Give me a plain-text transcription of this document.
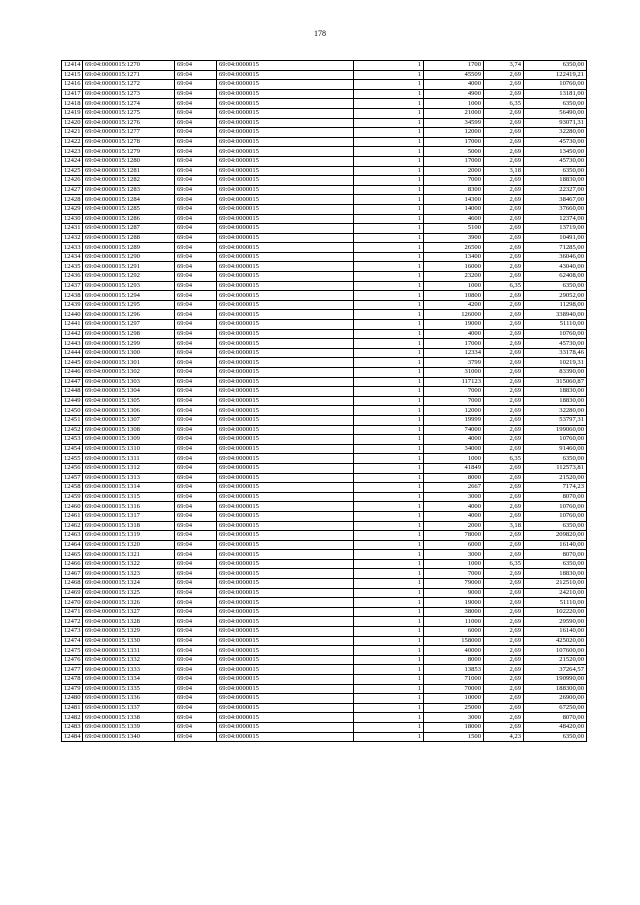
178
12414	69:04:0000015:1270	69:04	69:04:0000015	1	1700	3,74	6350,00
12415	69:04:0000015:1271	69:04	69:04:0000015	1	45509	2,69	122419,21
12416	69:04:0000015:1272	69:04	69:04:0000015	1	4000	2,69	10760,00
12417	69:04:0000015:1273	69:04	69:04:0000015	1	4900	2,69	13181,00
12418	69:04:0000015:1274	69:04	69:04:0000015	1	1000	6,35	6350,00
12419	69:04:0000015:1275	69:04	69:04:0000015	1	21000	2,69	56490,00
12420	69:04:0000015:1276	69:04	69:04:0000015	1	34599	2,69	93071,31
12421	69:04:0000015:1277	69:04	69:04:0000015	1	12000	2,69	32280,00
12422	69:04:0000015:1278	69:04	69:04:0000015	1	17000	2,69	45730,00
12423	69:04:0000015:1279	69:04	69:04:0000015	1	5000	2,69	13450,00
12424	69:04:0000015:1280	69:04	69:04:0000015	1	17000	2,69	45730,00
12425	69:04:0000015:1281	69:04	69:04:0000015	1	2000	3,18	6350,00
12426	69:04:0000015:1282	69:04	69:04:0000015	1	7000	2,69	18830,00
12427	69:04:0000015:1283	69:04	69:04:0000015	1	8300	2,69	22327,00
12428	69:04:0000015:1284	69:04	69:04:0000015	1	14300	2,69	38467,00
12429	69:04:0000015:1285	69:04	69:04:0000015	1	14000	2,69	37660,00
12430	69:04:0000015:1286	69:04	69:04:0000015	1	4600	2,69	12374,00
12431	69:04:0000015:1287	69:04	69:04:0000015	1	5100	2,69	13719,00
12432	69:04:0000015:1288	69:04	69:04:0000015	1	3900	2,69	10491,00
12433	69:04:0000015:1289	69:04	69:04:0000015	1	26500	2,69	71285,00
12434	69:04:0000015:1290	69:04	69:04:0000015	1	13400	2,69	36046,00
12435	69:04:0000015:1291	69:04	69:04:0000015	1	16000	2,69	43040,00
12436	69:04:0000015:1292	69:04	69:04:0000015	1	23200	2,69	62408,00
12437	69:04:0000015:1293	69:04	69:04:0000015	1	1000	6,35	6350,00
12438	69:04:0000015:1294	69:04	69:04:0000015	1	10800	2,69	29052,00
12439	69:04:0000015:1295	69:04	69:04:0000015	1	4200	2,69	11298,00
12440	69:04:0000015:1296	69:04	69:04:0000015	1	126000	2,69	338940,00
12441	69:04:0000015:1297	69:04	69:04:0000015	1	19000	2,69	51110,00
12442	69:04:0000015:1298	69:04	69:04:0000015	1	4000	2,69	10760,00
12443	69:04:0000015:1299	69:04	69:04:0000015	1	17000	2,69	45730,00
12444	69:04:0000015:1300	69:04	69:04:0000015	1	12334	2,69	33178,46
12445	69:04:0000015:1301	69:04	69:04:0000015	1	3799	2,69	10219,31
12446	69:04:0000015:1302	69:04	69:04:0000015	1	31000	2,69	83390,00
12447	69:04:0000015:1303	69:04	69:04:0000015	1	117123	2,69	315060,87
12448	69:04:0000015:1304	69:04	69:04:0000015	1	7000	2,69	18830,00
12449	69:04:0000015:1305	69:04	69:04:0000015	1	7000	2,69	18830,00
12450	69:04:0000015:1306	69:04	69:04:0000015	1	12000	2,69	32280,00
12451	69:04:0000015:1307	69:04	69:04:0000015	1	19999	2,69	53797,31
12452	69:04:0000015:1308	69:04	69:04:0000015	1	74000	2,69	199060,00
12453	69:04:0000015:1309	69:04	69:04:0000015	1	4000	2,69	10760,00
12454	69:04:0000015:1310	69:04	69:04:0000015	1	34000	2,69	91460,00
12455	69:04:0000015:1311	69:04	69:04:0000015	1	1000	6,35	6350,00
12456	69:04:0000015:1312	69:04	69:04:0000015	1	41849	2,69	112573,81
12457	69:04:0000015:1313	69:04	69:04:0000015	1	8000	2,69	21520,00
12458	69:04:0000015:1314	69:04	69:04:0000015	1	2667	2,69	7174,23
12459	69:04:0000015:1315	69:04	69:04:0000015	1	3000	2,69	8070,00
12460	69:04:0000015:1316	69:04	69:04:0000015	1	4000	2,69	10760,00
12461	69:04:0000015:1317	69:04	69:04:0000015	1	4000	2,69	10760,00
12462	69:04:0000015:1318	69:04	69:04:0000015	1	2000	3,18	6350,00
12463	69:04:0000015:1319	69:04	69:04:0000015	1	78000	2,69	209820,00
12464	69:04:0000015:1320	69:04	69:04:0000015	1	6000	2,69	16140,00
12465	69:04:0000015:1321	69:04	69:04:0000015	1	3000	2,69	8070,00
12466	69:04:0000015:1322	69:04	69:04:0000015	1	1000	6,35	6350,00
12467	69:04:0000015:1323	69:04	69:04:0000015	1	7000	2,69	18830,00
12468	69:04:0000015:1324	69:04	69:04:0000015	1	79000	2,69	212510,00
12469	69:04:0000015:1325	69:04	69:04:0000015	1	9000	2,69	24210,00
12470	69:04:0000015:1326	69:04	69:04:0000015	1	19000	2,69	51110,00
12471	69:04:0000015:1327	69:04	69:04:0000015	1	38000	2,69	102220,00
12472	69:04:0000015:1328	69:04	69:04:0000015	1	11000	2,69	29590,00
12473	69:04:0000015:1329	69:04	69:04:0000015	1	6000	2,69	16140,00
12474	69:04:0000015:1330	69:04	69:04:0000015	1	158000	2,69	425020,00
12475	69:04:0000015:1331	69:04	69:04:0000015	1	40000	2,69	107600,00
12476	69:04:0000015:1332	69:04	69:04:0000015	1	8000	2,69	21520,00
12477	69:04:0000015:1333	69:04	69:04:0000015	1	13853	2,69	37264,57
12478	69:04:0000015:1334	69:04	69:04:0000015	1	71000	2,69	190990,00
12479	69:04:0000015:1335	69:04	69:04:0000015	1	70000	2,69	188300,00
12480	69:04:0000015:1336	69:04	69:04:0000015	1	10000	2,69	26900,00
12481	69:04:0000015:1337	69:04	69:04:0000015	1	25000	2,69	67250,00
12482	69:04:0000015:1338	69:04	69:04:0000015	1	3000	2,69	8070,00
12483	69:04:0000015:1339	69:04	69:04:0000015	1	18000	2,69	48420,00
12484	69:04:0000015:1340	69:04	69:04:0000015	1	1500	4,23	6350,00
